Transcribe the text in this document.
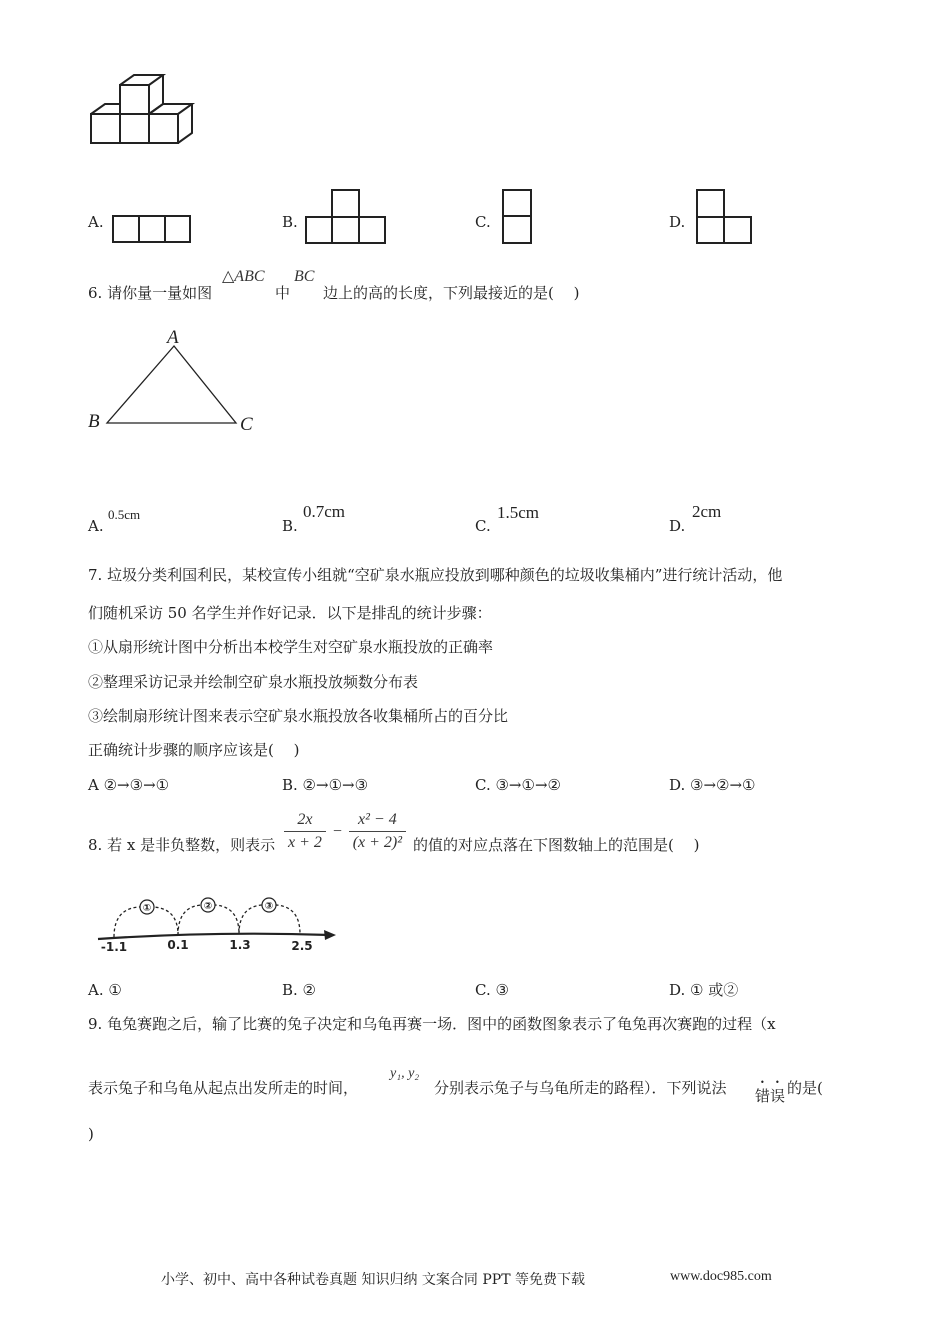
A.	B.	C.	D.
6. 请你量一量如图
△ABC
中
BC
边上的高的长度，下列最接近的是(　 )
A
B	C
A.
0.5cm
B.
0.7cm
C.
1.5cm
D.
2cm
7. 垃圾分类利国利民，某校宣传小组就“空矿泉水瓶应投放到哪种颜色的垃圾收集桶内”进行统计活动，他
们随机采访 50 名学生并作好记录．以下是排乱的统计步骤：
①从扇形统计图中分析出本校学生对空矿泉水瓶投放的正确率
②整理采访记录并绘制空矿泉水瓶投放频数分布表
③绘制扇形统计图来表示空矿泉水瓶投放各收集桶所占的百分比
正确统计步骤的顺序应该是(　 )
A ②→③→①	B. ②→①→③	C. ③→①→②	D. ③→②→①
8. 若 x 是非负整数，则表示 $\frac{2x}{x + 2} - \frac{\text{x² − 4}}{\text{(x + 2)²}}$ 的值的对应点落在下图数轴上的范围是(　 )
①	②	③
-1.1	0.1	1.3	2.5
A. ①	B. ②	C. ③	D. ① 或②
9. 龟兔赛跑之后，输了比赛的兔子决定和乌龟再赛一场．图中的函数图象表示了龟兔再次赛跑的过程（x
表示兔子和乌龟从起点出发所走的时间，
y₁, y₂
分别表示兔子与乌龟所走的路程）．下列说法 错误 的是(
)
小学、初中、高中各种试卷真题 知识归纳 文案合同 PPT 等免费下载	www.doc985.com
